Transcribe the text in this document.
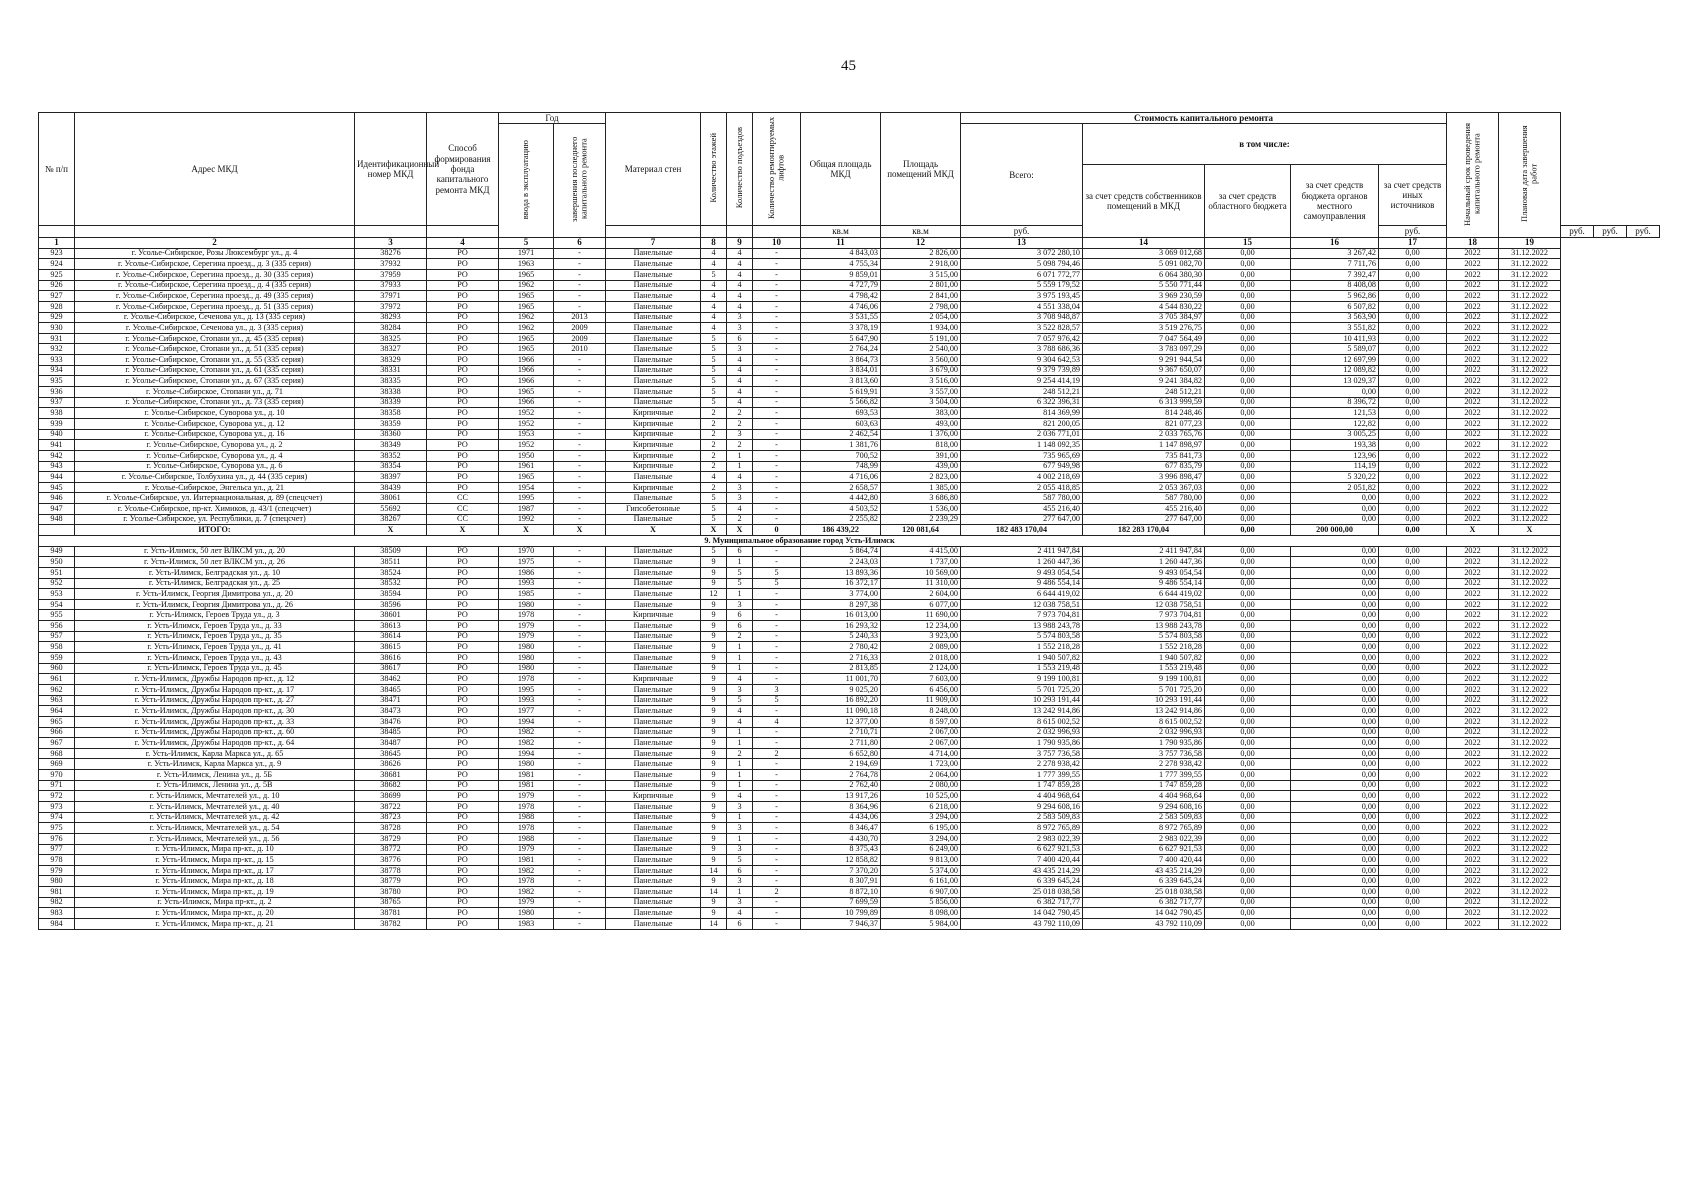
45
№ п/п	Адрес МКД	Идентификационный номер МКД	Способ формирования фонда капитального ремонта МКД	Год		Материал стен	Количество этажей	Количество подъездов	Количество ремонтируемых лифтов	Общая площадь МКД	Площадь помещений МКД	Стоимость капитального ремонта					Начальный срок проведения капитального ремонта	Плановая дата завершения работ			
				ввода в эксплуатацию	завершения последнего капитального ремонта							Всего:	в том числе:								
													за счет средств собственников помещений в МКД	за счет средств областного бюджета	за счет средств бюджета органов местного самоуправления	за счет средств иных источников					
										кв.м	кв.м	руб.				руб.			руб.	руб.	руб.
1	2	3	4	5	6	7	8	9	10	11	12	13	14	15	16	17	18	19			
923	г. Усолье-Сибирское, Розы Люксембург ул., д. 4	38276	РО	1971	-	Панельные	4	4	-	4 843,03	2 826,00	3 072 280,10	3 069 012,68	0,00	3 267,42	0,00	2022	31.12.2022			
924	г. Усолье-Сибирское, Серегина проезд., д. 3 (335 серия)	37932	РО	1963	-	Панельные	4	4	-	4 755,34	2 918,00	5 098 794,46	5 091 082,70	0,00	7 711,76	0,00	2022	31.12.2022			
925	г. Усолье-Сибирское, Серегина проезд., д. 30 (335 серия)	37959	РО	1965	-	Панельные	5	4	-	9 859,01	3 515,00	6 071 772,77	6 064 380,30	0,00	7 392,47	0,00	2022	31.12.2022			
926	г. Усолье-Сибирское, Серегина проезд., д. 4 (335 серия)	37933	РО	1962	-	Панельные	4	4	-	4 727,79	2 801,00	5 559 179,52	5 550 771,44	0,00	8 408,08	0,00	2022	31.12.2022			
927	г. Усолье-Сибирское, Серегина проезд., д. 49 (335 серия)	37971	РО	1965	-	Панельные	4	4	-	4 798,42	2 841,00	3 975 193,45	3 969 230,59	0,00	5 962,86	0,00	2022	31.12.2022			
928	г. Усолье-Сибирское, Серегина проезд., д. 51 (335 серия)	37972	РО	1965	-	Панельные	4	4	-	4 746,06	2 798,00	4 551 338,04	4 544 830,22	0,00	6 507,82	0,00	2022	31.12.2022			
929	г. Усолье-Сибирское, Сеченова ул., д. 13 (335 серия)	38293	РО	1962	2013	Панельные	4	3	-	3 531,55	2 054,00	3 708 948,87	3 705 384,97	0,00	3 563,90	0,00	2022	31.12.2022			
930	г. Усолье-Сибирское, Сеченова ул., д. 3 (335 серия)	38284	РО	1962	2009	Панельные	4	3	-	3 378,19	1 934,00	3 522 828,57	3 519 276,75	0,00	3 551,82	0,00	2022	31.12.2022			
931	г. Усолье-Сибирское, Стопани ул., д. 45 (335 серия)	38325	РО	1965	2009	Панельные	5	6	-	5 647,90	5 191,00	7 057 976,42	7 047 564,49	0,00	10 411,93	0,00	2022	31.12.2022			
932	г. Усолье-Сибирское, Стопани ул., д. 51 (335 серия)	38327	РО	1965	2010	Панельные	5	3	-	2 764,24	2 540,00	3 788 686,36	3 783 097,29	0,00	5 589,07	0,00	2022	31.12.2022			
933	г. Усолье-Сибирское, Стопани ул., д. 55 (335 серия)	38329	РО	1966	-	Панельные	5	4	-	3 864,73	3 560,00	9 304 642,53	9 291 944,54	0,00	12 697,99	0,00	2022	31.12.2022			
934	г. Усолье-Сибирское, Стопани ул., д. 61 (335 серия)	38331	РО	1966	-	Панельные	5	4	-	3 834,01	3 679,00	9 379 739,89	9 367 650,07	0,00	12 089,82	0,00	2022	31.12.2022			
935	г. Усолье-Сибирское, Стопани ул., д. 67 (335 серия)	38335	РО	1966	-	Панельные	5	4	-	3 813,60	3 516,00	9 254 414,19	9 241 384,82	0,00	13 029,37	0,00	2022	31.12.2022			
936	г. Усолье-Сибирское, Стопани ул., д. 71	38338	РО	1965	-	Панельные	5	4	-	5 619,91	3 557,00	248 512,21	248 512,21	0,00	0,00	0,00	2022	31.12.2022			
937	г. Усолье-Сибирское, Стопани ул., д. 73 (335 серия)	38339	РО	1966	-	Панельные	5	4	-	5 566,82	3 504,00	6 322 396,31	6 313 999,59	0,00	8 396,72	0,00	2022	31.12.2022			
938	г. Усолье-Сибирское, Суворова ул., д. 10	38358	РО	1952	-	Кирпичные	2	2	-	693,53	383,00	814 369,99	814 248,46	0,00	121,53	0,00	2022	31.12.2022			
939	г. Усолье-Сибирское, Суворова ул., д. 12	38359	РО	1952	-	Кирпичные	2	2	-	603,63	493,00	821 200,05	821 077,23	0,00	122,82	0,00	2022	31.12.2022			
940	г. Усолье-Сибирское, Суворова ул., д. 16	38360	РО	1953	-	Кирпичные	2	3	-	2 462,54	1 376,00	2 036 771,01	2 033 765,76	0,00	3 005,25	0,00	2022	31.12.2022			
941	г. Усолье-Сибирское, Суворова ул., д. 2	38349	РО	1952	-	Кирпичные	2	2	-	1 381,76	818,00	1 148 092,35	1 147 898,97	0,00	193,38	0,00	2022	31.12.2022			
942	г. Усолье-Сибирское, Суворова ул., д. 4	38352	РО	1950	-	Кирпичные	2	1	-	700,52	391,00	735 965,69	735 841,73	0,00	123,96	0,00	2022	31.12.2022			
943	г. Усолье-Сибирское, Суворова ул., д. 6	38354	РО	1961	-	Кирпичные	2	1	-	748,99	439,00	677 949,98	677 835,79	0,00	114,19	0,00	2022	31.12.2022			
944	г. Усолье-Сибирское, Толбухина ул., д. 44 (335 серия)	38397	РО	1965	-	Панельные	4	4	-	4 716,06	2 823,00	4 002 218,69	3 996 898,47	0,00	5 320,22	0,00	2022	31.12.2022			
945	г. Усолье-Сибирское, Энгельса ул., д. 21	38439	РО	1954	-	Кирпичные	2	3	-	2 658,57	1 385,00	2 055 418,85	2 053 367,03	0,00	2 051,82	0,00	2022	31.12.2022			
946	г. Усолье-Сибирское, ул. Интернациональная, д. 89 (спецсчет)	38061	СС	1995	-	Панельные	5	3	-	4 442,80	3 686,80	587 780,00	587 780,00	0,00	0,00	0,00	2022	31.12.2022			
947	г. Усолье-Сибирское, пр-кт. Химиков, д. 43/1 (спецсчет)	55692	СС	1987	-	Гипсобетонные	5	4	-	4 503,52	1 536,00	455 216,40	455 216,40	0,00	0,00	0,00	2022	31.12.2022			
948	г. Усолье-Сибирское, ул. Республики, д. 7 (спецсчет)	38267	СС	1992	-	Панельные	5	2	-	2 255,82	2 239,29	277 647,00	277 647,00	0,00	0,00	0,00	2022	31.12.2022			
	ИТОГО:	X	X	X	X	X	X	X	0	186 439,22	120 081,64	182 483 170,04	182 283 170,04	0,00	200 000,00	0,00	X	X			
9. Муниципальное образование город Усть-Илимск																					
949	г. Усть-Илимск, 50 лет ВЛКСМ ул., д. 20	38509	РО	1970	-	Панельные	5	6	-	5 864,74	4 415,00	2 411 947,84	2 411 947,84	0,00	0,00	0,00	2022	31.12.2022			
950	г. Усть-Илимск, 50 лет ВЛКСМ ул., д. 26	38511	РО	1975	-	Панельные	9	1	-	2 243,03	1 737,00	1 260 447,36	1 260 447,36	0,00	0,00	0,00	2022	31.12.2022			
951	г. Усть-Илимск, Белградская ул., д. 10	38524	РО	1986	-	Панельные	9	5	5	13 893,36	10 569,00	9 493 054,54	9 493 054,54	0,00	0,00	0,00	2022	31.12.2022			
952	г. Усть-Илимск, Белградская ул., д. 25	38532	РО	1993	-	Панельные	9	5	5	16 372,17	11 310,00	9 486 554,14	9 486 554,14	0,00	0,00	0,00	2022	31.12.2022			
953	г. Усть-Илимск, Георгия Димитрова ул., д. 20	38594	РО	1985	-	Панельные	12	1	-	3 774,00	2 604,00	6 644 419,02	6 644 419,02	0,00	0,00	0,00	2022	31.12.2022			
954	г. Усть-Илимск, Георгия Димитрова ул., д. 26	38596	РО	1980	-	Панельные	9	3	-	8 297,38	6 077,00	12 038 758,51	12 038 758,51	0,00	0,00	0,00	2022	31.12.2022			
955	г. Усть-Илимск, Героев Труда ул., д. 3	38601	РО	1978	-	Кирпичные	9	6	-	16 013,00	11 690,00	7 973 704,81	7 973 704,81	0,00	0,00	0,00	2022	31.12.2022			
956	г. Усть-Илимск, Героев Труда ул., д. 33	38613	РО	1979	-	Панельные	9	6	-	16 293,32	12 234,00	13 988 243,78	13 988 243,78	0,00	0,00	0,00	2022	31.12.2022			
957	г. Усть-Илимск, Героев Труда ул., д. 35	38614	РО	1979	-	Панельные	9	2	-	5 240,33	3 923,00	5 574 803,58	5 574 803,58	0,00	0,00	0,00	2022	31.12.2022			
958	г. Усть-Илимск, Героев Труда ул., д. 41	38615	РО	1980	-	Панельные	9	1	-	2 780,42	2 089,00	1 552 218,28	1 552 218,28	0,00	0,00	0,00	2022	31.12.2022			
959	г. Усть-Илимск, Героев Труда ул., д. 43	38616	РО	1980	-	Панельные	9	1	-	2 716,33	2 018,00	1 940 507,82	1 940 507,82	0,00	0,00	0,00	2022	31.12.2022			
960	г. Усть-Илимск, Героев Труда ул., д. 45	38617	РО	1980	-	Панельные	9	1	-	2 813,85	2 124,00	1 553 219,48	1 553 219,48	0,00	0,00	0,00	2022	31.12.2022			
961	г. Усть-Илимск, Дружбы Народов пр-кт., д. 12	38462	РО	1978	-	Кирпичные	9	4	-	11 001,70	7 603,00	9 199 100,81	9 199 100,81	0,00	0,00	0,00	2022	31.12.2022			
962	г. Усть-Илимск, Дружбы Народов пр-кт., д. 17	38465	РО	1995	-	Панельные	9	3	3	9 025,20	6 456,00	5 701 725,20	5 701 725,20	0,00	0,00	0,00	2022	31.12.2022			
963	г. Усть-Илимск, Дружбы Народов пр-кт., д. 27	38471	РО	1993	-	Панельные	9	5	5	16 892,20	11 909,00	10 293 191,44	10 293 191,44	0,00	0,00	0,00	2022	31.12.2022			
964	г. Усть-Илимск, Дружбы Народов пр-кт., д. 30	38473	РО	1977	-	Панельные	9	4	-	11 090,18	8 248,00	13 242 914,86	13 242 914,86	0,00	0,00	0,00	2022	31.12.2022			
965	г. Усть-Илимск, Дружбы Народов пр-кт., д. 33	38476	РО	1994	-	Панельные	9	4	4	12 377,00	8 597,00	8 615 002,52	8 615 002,52	0,00	0,00	0,00	2022	31.12.2022			
966	г. Усть-Илимск, Дружбы Народов пр-кт., д. 60	38485	РО	1982	-	Панельные	9	1	-	2 710,71	2 067,00	2 032 996,93	2 032 996,93	0,00	0,00	0,00	2022	31.12.2022			
967	г. Усть-Илимск, Дружбы Народов пр-кт., д. 64	38487	РО	1982	-	Панельные	9	1	-	2 711,80	2 067,00	1 790 935,86	1 790 935,86	0,00	0,00	0,00	2022	31.12.2022			
968	г. Усть-Илимск, Карла Маркса ул., д. 65	38645	РО	1994	-	Панельные	9	2	2	6 652,80	4 714,00	3 757 736,58	3 757 736,58	0,00	0,00	0,00	2022	31.12.2022			
969	г. Усть-Илимск, Карла Маркса ул., д. 9	38626	РО	1980	-	Панельные	9	1	-	2 194,69	1 723,00	2 278 938,42	2 278 938,42	0,00	0,00	0,00	2022	31.12.2022			
970	г. Усть-Илимск, Ленина ул., д. 5Б	38681	РО	1981	-	Панельные	9	1	-	2 764,78	2 064,00	1 777 399,55	1 777 399,55	0,00	0,00	0,00	2022	31.12.2022			
971	г. Усть-Илимск, Ленина ул., д. 5В	38682	РО	1981	-	Панельные	9	1	-	2 762,40	2 080,00	1 747 859,28	1 747 859,28	0,00	0,00	0,00	2022	31.12.2022			
972	г. Усть-Илимск, Мечтателей ул., д. 10	38699	РО	1979	-	Кирпичные	9	4	-	13 917,26	10 525,00	4 404 968,64	4 404 968,64	0,00	0,00	0,00	2022	31.12.2022			
973	г. Усть-Илимск, Мечтателей ул., д. 40	38722	РО	1978	-	Панельные	9	3	-	8 364,96	6 218,00	9 294 608,16	9 294 608,16	0,00	0,00	0,00	2022	31.12.2022			
974	г. Усть-Илимск, Мечтателей ул., д. 42	38723	РО	1988	-	Панельные	9	1	-	4 434,06	3 294,00	2 583 509,83	2 583 509,83	0,00	0,00	0,00	2022	31.12.2022			
975	г. Усть-Илимск, Мечтателей ул., д. 54	38728	РО	1978	-	Панельные	9	3	-	8 346,47	6 195,00	8 972 765,89	8 972 765,89	0,00	0,00	0,00	2022	31.12.2022			
976	г. Усть-Илимск, Мечтателей ул., д. 56	38729	РО	1988	-	Панельные	9	1	-	4 430,70	3 294,00	2 983 022,39	2 983 022,39	0,00	0,00	0,00	2022	31.12.2022			
977	г. Усть-Илимск, Мира пр-кт., д. 10	38772	РО	1979	-	Панельные	9	3	-	8 375,43	6 249,00	6 627 921,53	6 627 921,53	0,00	0,00	0,00	2022	31.12.2022			
978	г. Усть-Илимск, Мира пр-кт., д. 15	38776	РО	1981	-	Панельные	9	5	-	12 858,82	9 813,00	7 400 420,44	7 400 420,44	0,00	0,00	0,00	2022	31.12.2022			
979	г. Усть-Илимск, Мира пр-кт., д. 17	38778	РО	1982	-	Панельные	14	6	-	7 370,20	5 374,00	43 435 214,29	43 435 214,29	0,00	0,00	0,00	2022	31.12.2022			
980	г. Усть-Илимск, Мира пр-кт., д. 18	38779	РО	1978	-	Панельные	9	3	-	8 307,91	6 161,00	6 339 645,24	6 339 645,24	0,00	0,00	0,00	2022	31.12.2022			
981	г. Усть-Илимск, Мира пр-кт., д. 19	38780	РО	1982	-	Панельные	14	1	2	8 872,10	6 907,00	25 018 038,58	25 018 038,58	0,00	0,00	0,00	2022	31.12.2022			
982	г. Усть-Илимск, Мира пр-кт., д. 2	38765	РО	1979	-	Панельные	9	3	-	7 699,59	5 856,00	6 382 717,77	6 382 717,77	0,00	0,00	0,00	2022	31.12.2022			
983	г. Усть-Илимск, Мира пр-кт., д. 20	38781	РО	1980	-	Панельные	9	4	-	10 799,89	8 098,00	14 042 790,45	14 042 790,45	0,00	0,00	0,00	2022	31.12.2022			
984	г. Усть-Илимск, Мира пр-кт., д. 21	38782	РО	1983	-	Панельные	14	6	-	7 946,37	5 984,00	43 792 110,09	43 792 110,09	0,00	0,00	0,00	2022	31.12.2022			
